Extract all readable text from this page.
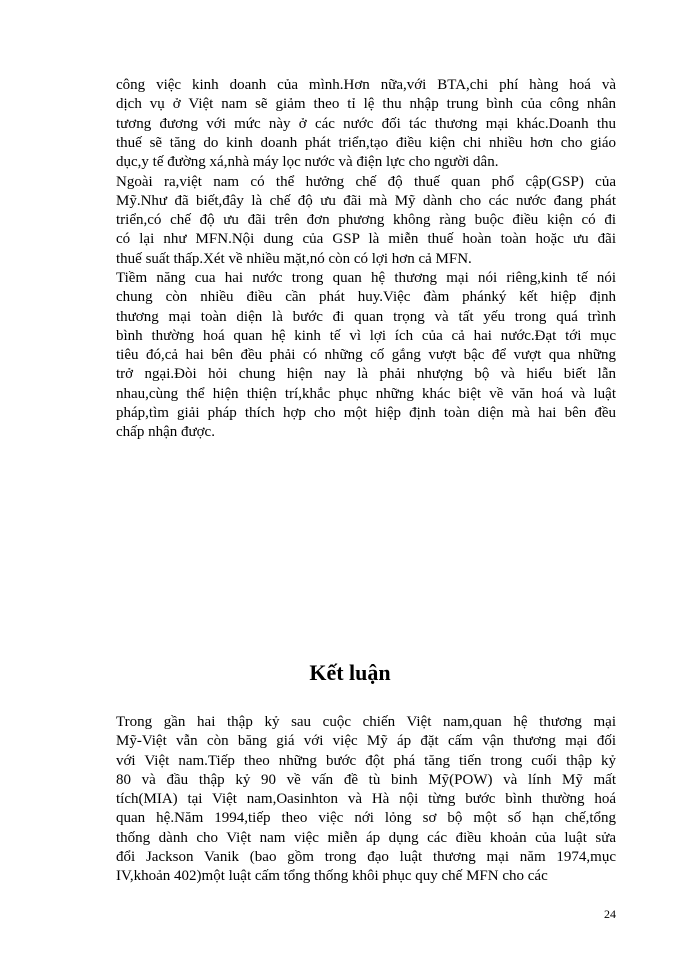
công việc kinh doanh của mình.Hơn nữa,với BTA,chi phí hàng hoá và
dịch vụ ở Việt nam sẽ giảm theo tỉ lệ thu nhập trung bình của công nhân
tương đương với mức này ở các nước đối tác thương mại khác.Doanh thu
thuế sẽ tăng do kinh doanh phát triển,tạo điều kiện chi nhiều hơn cho giáo
dục,y tế đường xá,nhà máy lọc nước và điện lực cho người dân.
Ngoài ra,việt nam có thể hưởng chế độ thuế quan phổ cập(GSP) của
Mỹ.Như đã biết,đây là chế độ ưu đãi mà Mỹ dành cho các nước đang phát
triển,có chế độ ưu đãi trên đơn phương không ràng buộc điều kiện có đi
có lại như MFN.Nội dung của GSP là miễn thuế hoàn toàn hoặc ưu đãi
thuế suất thấp.Xét về nhiều mặt,nó còn có lợi hơn cả MFN.
Tiềm năng cua hai nước trong quan hệ thương mại nói riêng,kinh tế nói
chung còn nhiều điều cần phát huy.Việc đàm phánký kết hiệp định
thương mại toàn diện là bước đi quan trọng và tất yếu trong quá trình
bình thường hoá quan hệ kinh tế vì lợi ích của cả hai nước.Đạt tới mục
tiêu đó,cả hai bên đều phải có những cố gắng vượt bậc để vượt qua những
trở ngại.Đòi hỏi chung hiện nay là phải nhượng bộ và hiểu biết lẫn
nhau,cùng thể hiện thiện trí,khắc phục những khác biệt về văn hoá và luật
pháp,tìm giải pháp thích hợp cho một hiệp định toàn diện mà hai bên đều
chấp nhận được.
Kết luận
Trong gần hai thập kỷ sau cuộc chiến Việt nam,quan hệ thương mại
Mỹ-Việt vẫn còn băng giá với việc Mỹ áp đặt cấm vận thương mại đối
với Việt nam.Tiếp theo những bước đột phá tăng tiến trong cuối thập kỷ
80 và đầu thập kỷ 90 về vấn đề tù binh Mỹ(POW) và lính Mỹ mất
tích(MIA) tại Việt nam,Oasinhton và Hà nội từng bước bình thường hoá
quan hệ.Năm 1994,tiếp theo việc nới lỏng sơ bộ một số hạn chế,tổng
thống dành cho Việt nam việc miễn áp dụng các điều khoản của luật sửa
đổi Jackson Vanik (bao gồm trong đạo luật thương mại năm 1974,mục
IV,khoản 402)một luật cấm tổng thống khôi phục quy chế MFN cho các
24
